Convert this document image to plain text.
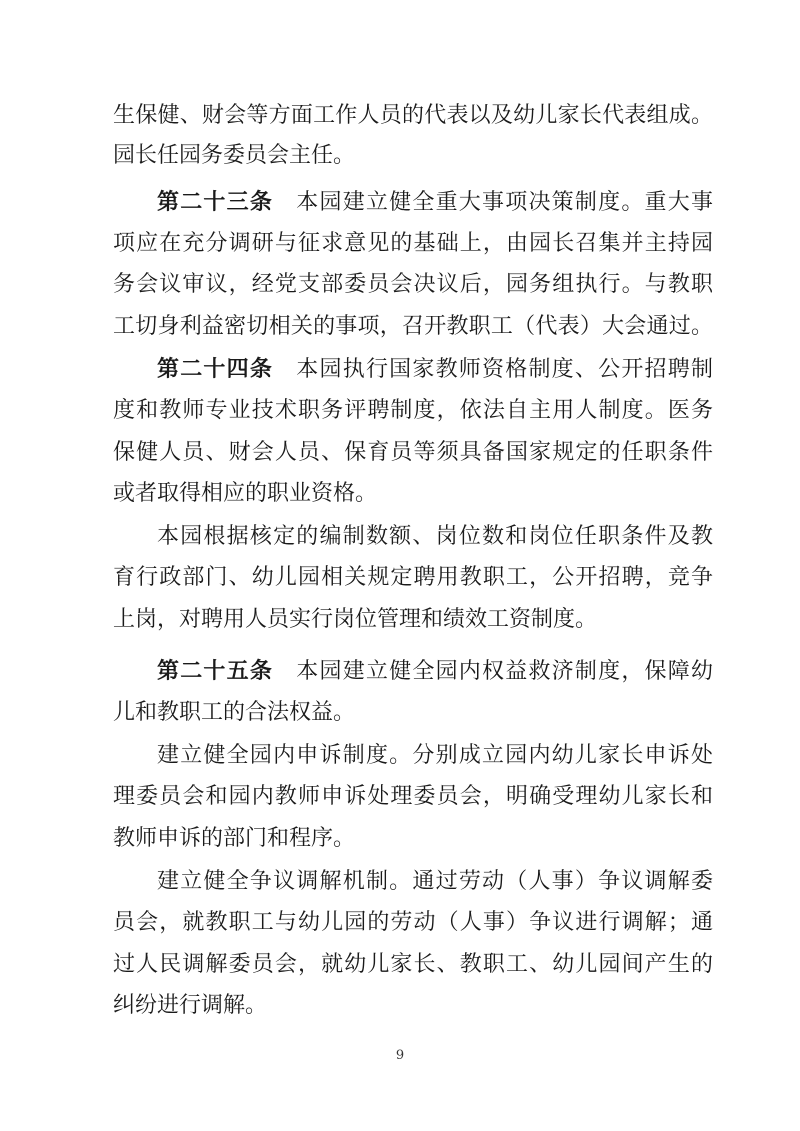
生保健、财会等方面工作人员的代表以及幼儿家长代表组成。
园长任园务委员会主任。
第二十三条　 本园建立健全重大事项决策制度。重大事
项应在充分调研与征求意见的基础上，由园长召集并主持园
务会议审议，经党支部委员会决议后，园务组执行。与教职
工切身利益密切相关的事项，召开教职工（代表）大会通过。
第二十四条　 本园执行国家教师资格制度、公开招聘制
度和教师专业技术职务评聘制度，依法自主用人制度。医务
保健人员、财会人员、保育员等须具备国家规定的任职条件
或者取得相应的职业资格。
本园根据核定的编制数额、岗位数和岗位任职条件及教
育行政部门、幼儿园相关规定聘用教职工，公开招聘，竞争
上岗，对聘用人员实行岗位管理和绩效工资制度。
第二十五条　 本园建立健全园内权益救济制度，保障幼
儿和教职工的合法权益。
建立健全园内申诉制度。分别成立园内幼儿家长申诉处
理委员会和园内教师申诉处理委员会，明确受理幼儿家长和
教师申诉的部门和程序。
建立健全争议调解机制。通过劳动（人事）争议调解委
员会，就教职工与幼儿园的劳动（人事）争议进行调解；通
过人民调解委员会，就幼儿家长、教职工、幼儿园间产生的
纠纷进行调解。
9
